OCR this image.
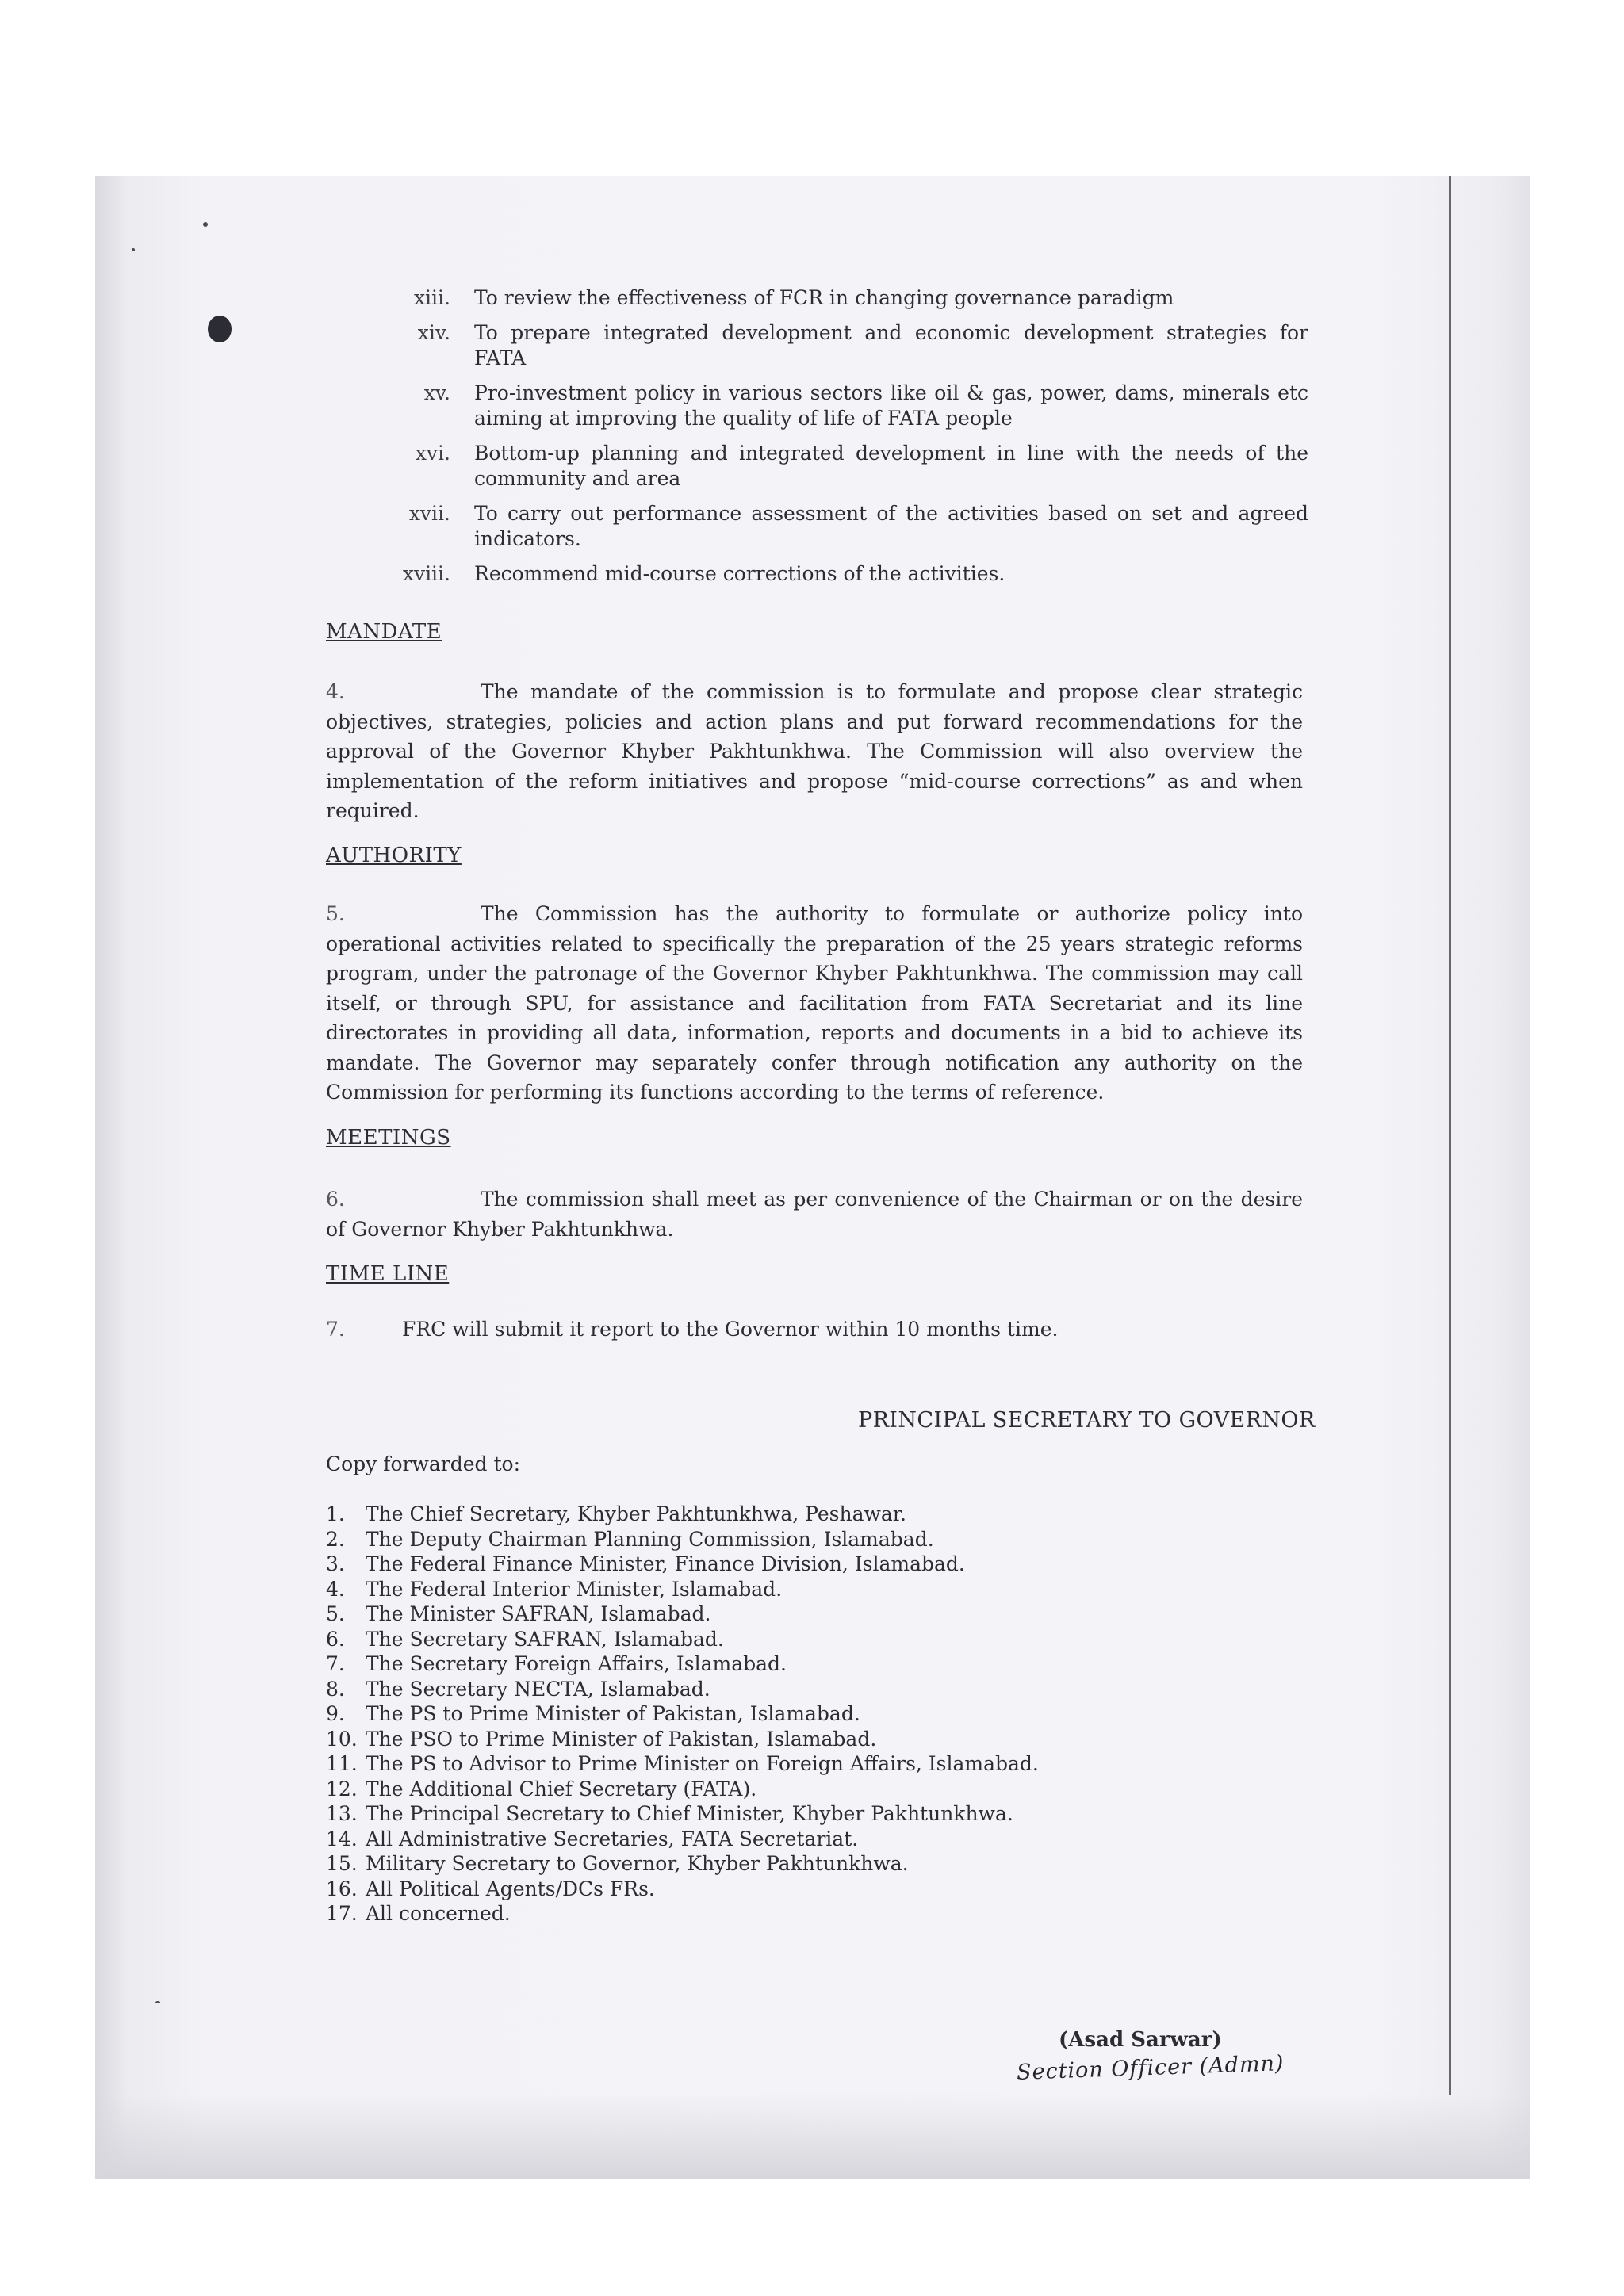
xiii.	To review the effectiveness of FCR in changing governance paradigm
xiv.	To prepare integrated development and economic development strategies for FATA
xv.	Pro-investment policy in various sectors like oil & gas, power, dams, minerals etc aiming at improving the quality of life of FATA people
xvi.	Bottom-up planning and integrated development in line with the needs of the community and area
xvii.	To carry out performance assessment of the activities based on set and agreed indicators.
xviii.	Recommend mid-course corrections of the activities.
MANDATE
4.	The mandate of the commission is to formulate and propose clear strategic objectives, strategies, policies and action plans and put forward recommendations for the approval of the Governor Khyber Pakhtunkhwa. The Commission will also overview the implementation of the reform initiatives and propose “mid-course corrections” as and when required.
AUTHORITY
5.	The Commission has the authority to formulate or authorize policy into operational activities related to specifically the preparation of the 25 years strategic reforms program, under the patronage of the Governor Khyber Pakhtunkhwa. The commission may call itself, or through SPU, for assistance and facilitation from FATA Secretariat and its line directorates in providing all data, information, reports and documents in a bid to achieve its mandate. The Governor may separately confer through notification any authority on the Commission for performing its functions according to the terms of reference.
MEETINGS
6.	The commission shall meet as per convenience of the Chairman or on the desire of Governor Khyber Pakhtunkhwa.
TIME LINE
7.	FRC will submit it report to the Governor within 10 months time.
PRINCIPAL SECRETARY TO GOVERNOR
Copy forwarded to:
1.	The Chief Secretary, Khyber Pakhtunkhwa, Peshawar.
2.	The Deputy Chairman Planning Commission, Islamabad.
3.	The Federal Finance Minister, Finance Division, Islamabad.
4.	The Federal Interior Minister, Islamabad.
5.	The Minister SAFRAN, Islamabad.
6.	The Secretary SAFRAN, Islamabad.
7.	The Secretary Foreign Affairs, Islamabad.
8.	The Secretary NECTA, Islamabad.
9.	The PS to Prime Minister of Pakistan, Islamabad.
10. The PSO to Prime Minister of Pakistan, Islamabad.
11. The PS to Advisor to Prime Minister on Foreign Affairs, Islamabad.
12. The Additional Chief Secretary (FATA).
13. The Principal Secretary to Chief Minister, Khyber Pakhtunkhwa.
14. All Administrative Secretaries, FATA Secretariat.
15. Military Secretary to Governor, Khyber Pakhtunkhwa.
16. All Political Agents/DCs FRs.
17. All concerned.
(Asad Sarwar)
Section Officer (Admn)
